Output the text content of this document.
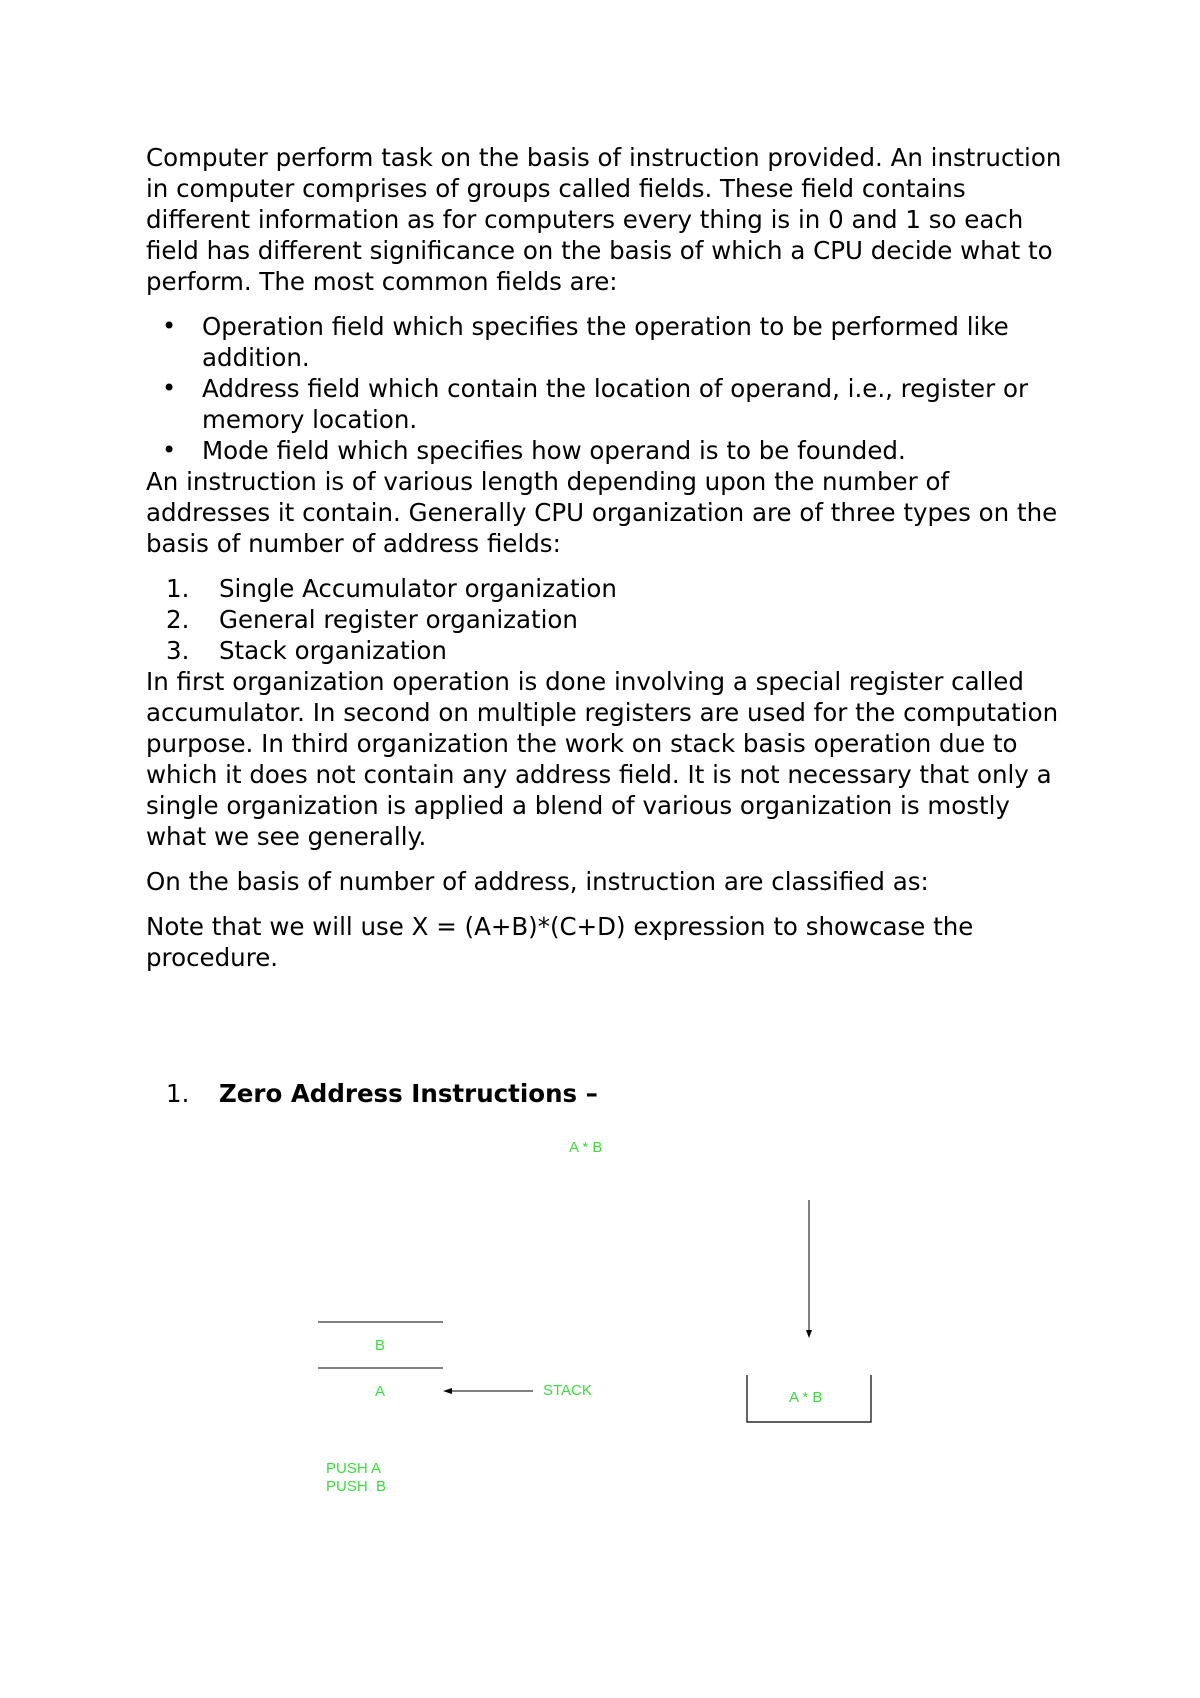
Computer perform task on the basis of instruction provided. An instruction in computer comprises of groups called fields. These field contains different information as for computers every thing is in 0 and 1 so each field has different significance on the basis of which a CPU decide what to perform. The most common fields are:

• Operation field which specifies the operation to be performed like addition.
• Address field which contain the location of operand, i.e., register or memory location.
• Mode field which specifies how operand is to be founded.

An instruction is of various length depending upon the number of addresses it contain. Generally CPU organization are of three types on the basis of number of address fields:

1. Single Accumulator organization
2. General register organization
3. Stack organization

In first organization operation is done involving a special register called accumulator. In second on multiple registers are used for the computation purpose. In third organization the work on stack basis operation due to which it does not contain any address field. It is not necessary that only a single organization is applied a blend of various organization is mostly what we see generally.

On the basis of number of address, instruction are classified as:

Note that we will use X = (A+B)*(C+D) expression to showcase the procedure.

1. Zero Address Instructions –
A * B
B
A	STACK	A * B
PUSH A
PUSH  B
